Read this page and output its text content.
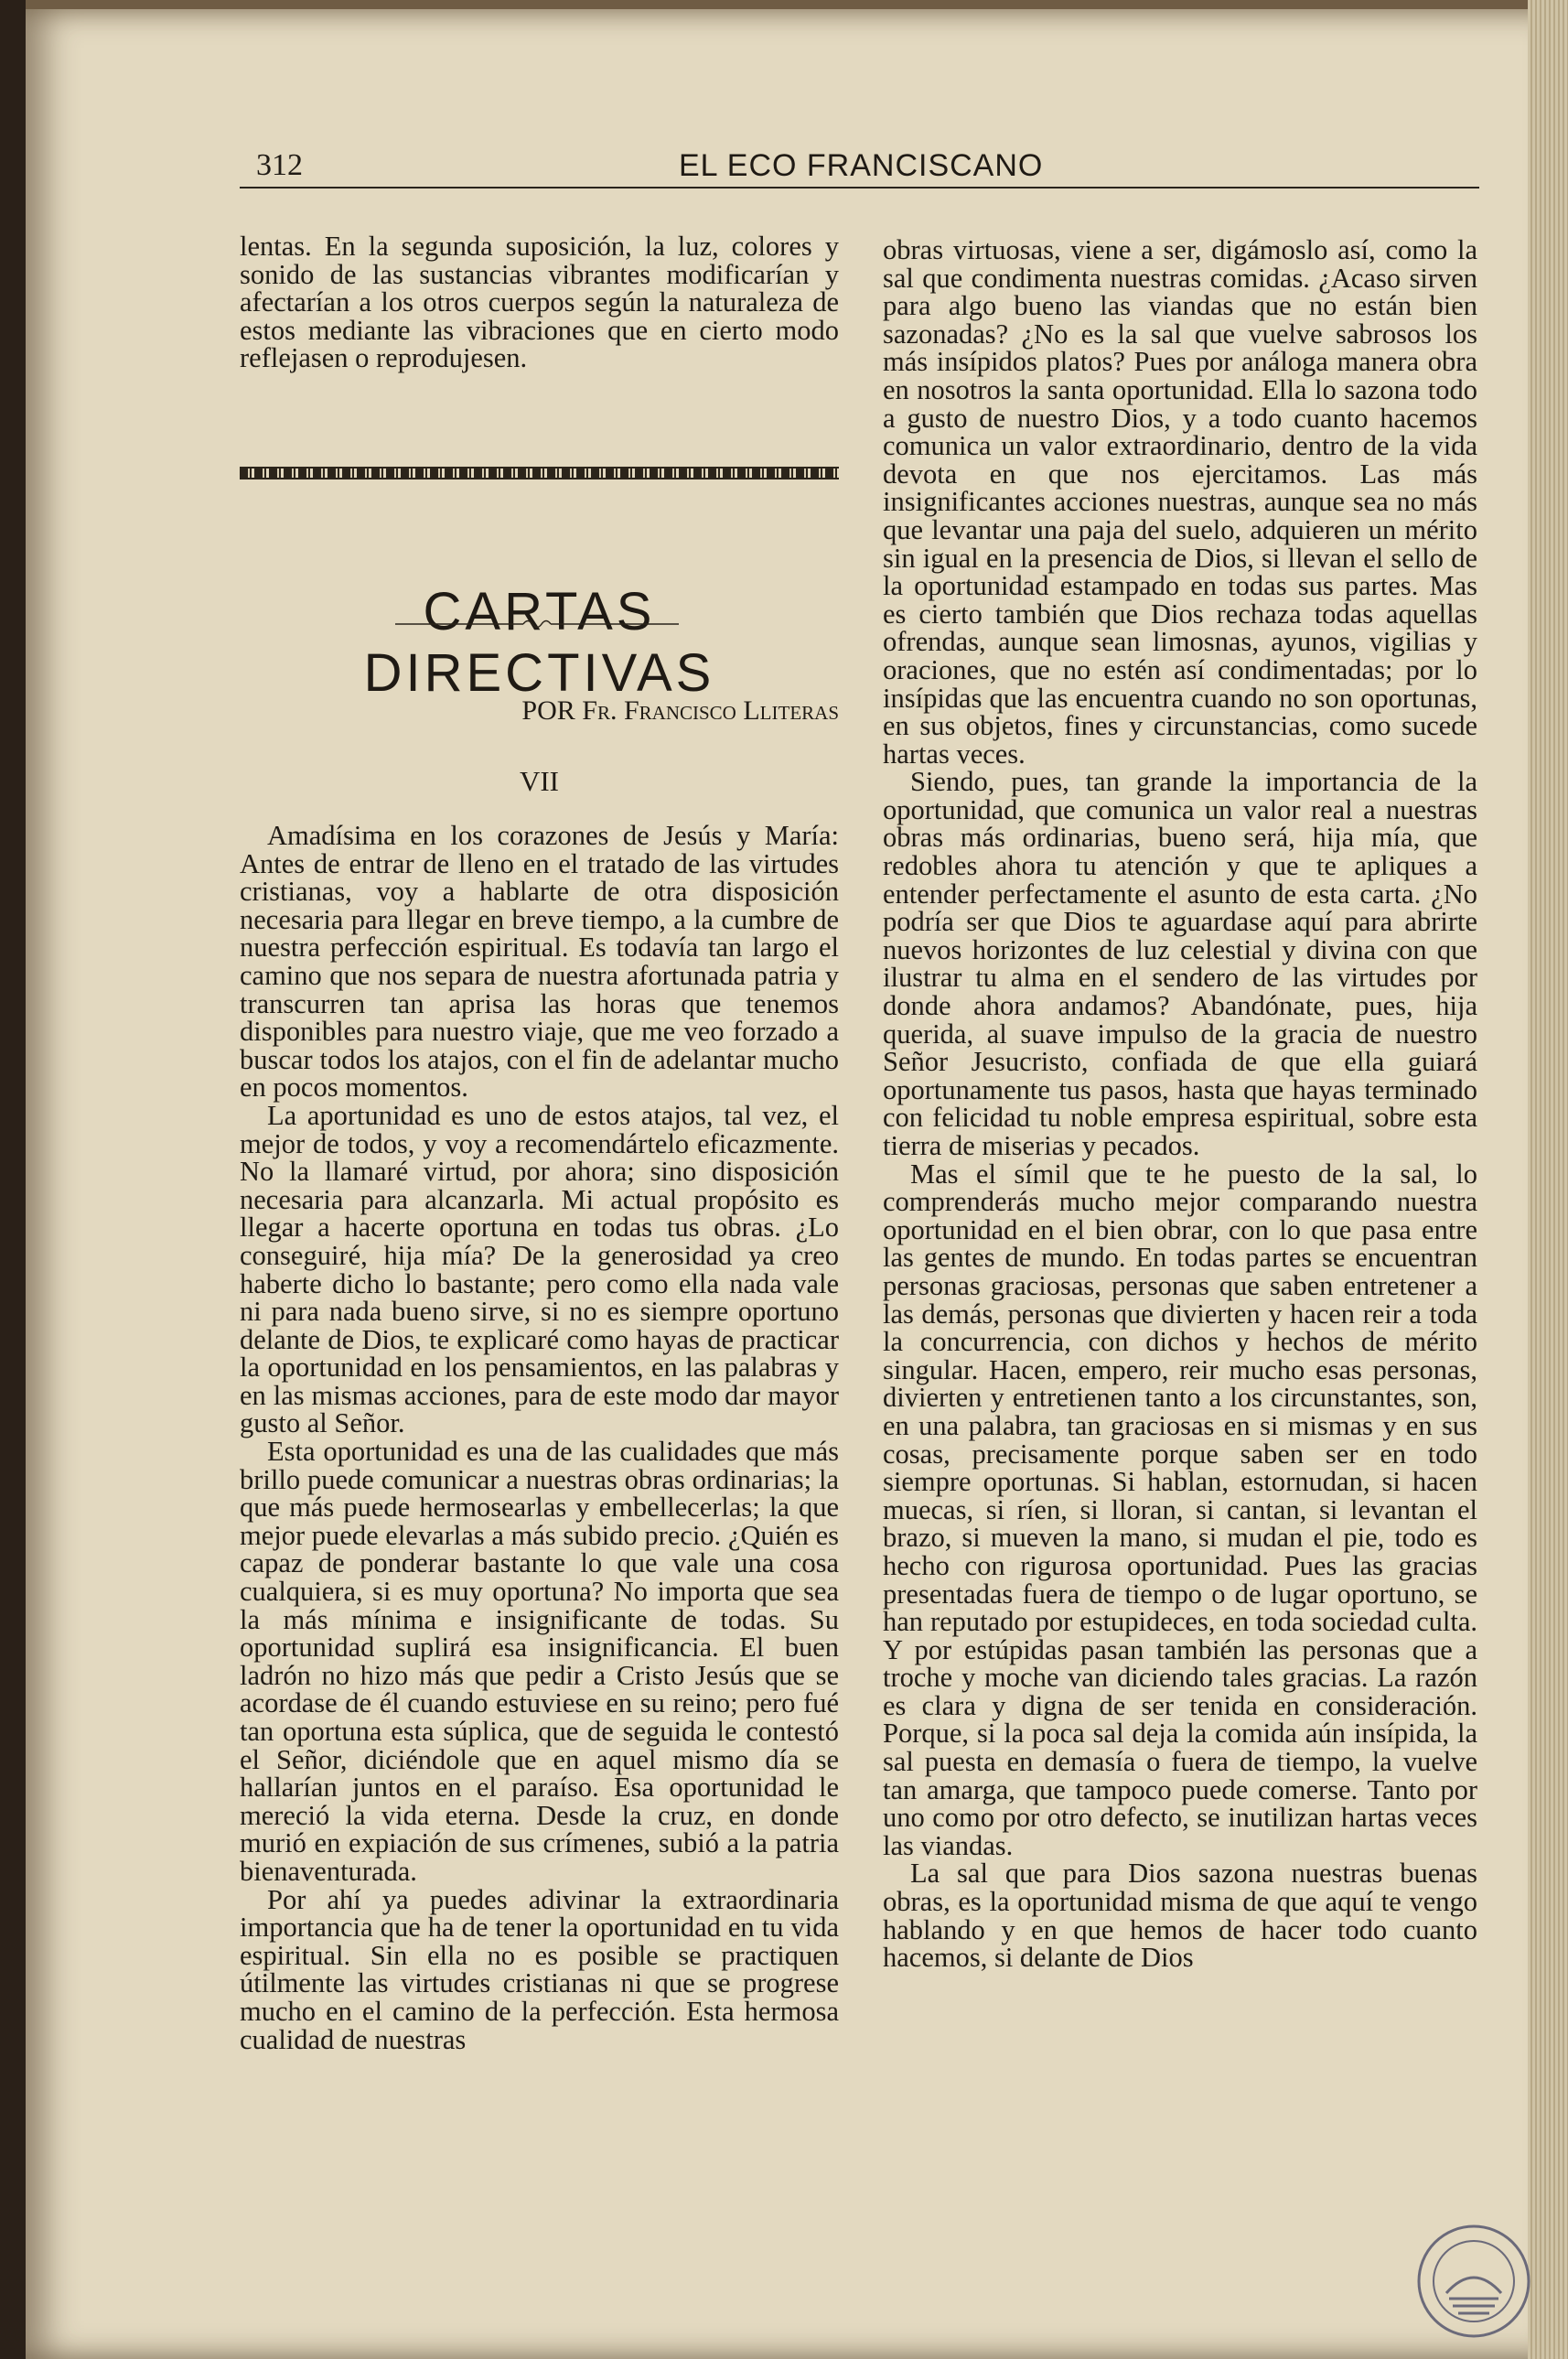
312	EL ECO FRANCISCANO

lentas. En la segunda suposición, la luz, colores y sonido de las sustancias vibrantes modificarían y afectarían a los otros cuerpos según la naturaleza de estos mediante las vibraciones que en cierto modo reflejasen o reprodujesen.

CARTAS DIRECTIVAS
POR Fr. Francisco Lliteras
VII

Amadísima en los corazones de Jesús y María: Antes de entrar de lleno en el tratado de las virtudes cristianas, voy a hablarte de otra disposición necesaria para llegar en breve tiempo, a la cumbre de nuestra perfección espiritual. Es todavía tan largo el camino que nos separa de nuestra afortunada patria y transcurren tan aprisa las horas que tenemos disponibles para nuestro viaje, que me veo forzado a buscar todos los atajos, con el fin de adelantar mucho en pocos momentos.

La aportunidad es uno de estos atajos, tal vez, el mejor de todos, y voy a recomendártelo eficazmente. No la llamaré virtud, por ahora; sino disposición necesaria para alcanzarla. Mi actual propósito es llegar a hacerte oportuna en todas tus obras. ¿Lo conseguiré, hija mía? De la generosidad ya creo haberte dicho lo bastante; pero como ella nada vale ni para nada bueno sirve, si no es siempre oportuno delante de Dios, te explicaré como hayas de practicar la oportunidad en los pensamientos, en las palabras y en las mismas acciones, para de este modo dar mayor gusto al Señor.

Esta oportunidad es una de las cualidades que más brillo puede comunicar a nuestras obras ordinarias; la que más puede hermosearlas y embellecerlas; la que mejor puede elevarlas a más subido precio. ¿Quién es capaz de ponderar bastante lo que vale una cosa cualquiera, si es muy oportuna? No importa que sea la más mínima e insignificante de todas. Su oportunidad suplirá esa insignificancia. El buen ladrón no hizo más que pedir a Cristo Jesús que se acordase de él cuando estuviese en su reino; pero fué tan oportuna esta súplica, que de seguida le contestó el Señor, diciéndole que en aquel mismo día se hallarían juntos en el paraíso. Esa oportunidad le mereció la vida eterna. Desde la cruz, en donde murió en expiación de sus crímenes, subió a la patria bienaventurada.

Por ahí ya puedes adivinar la extraordinaria importancia que ha de tener la oportunidad en tu vida espiritual. Sin ella no es posible se practiquen útilmente las virtudes cristianas ni que se progrese mucho en el camino de la perfección. Esta hermosa cualidad de nuestras

obras virtuosas, viene a ser, digámoslo así, como la sal que condimenta nuestras comidas. ¿Acaso sirven para algo bueno las viandas que no están bien sazonadas? ¿No es la sal que vuelve sabrosos los más insípidos platos? Pues por análoga manera obra en nosotros la santa oportunidad. Ella lo sazona todo a gusto de nuestro Dios, y a todo cuanto hacemos comunica un valor extraordinario, dentro de la vida devota en que nos ejercitamos. Las más insignificantes acciones nuestras, aunque sea no más que levantar una paja del suelo, adquieren un mérito sin igual en la presencia de Dios, si llevan el sello de la oportunidad estampado en todas sus partes. Mas es cierto también que Dios rechaza todas aquellas ofrendas, aunque sean limosnas, ayunos, vigilias y oraciones, que no estén así condimentadas; por lo insípidas que las encuentra cuando no son oportunas, en sus objetos, fines y circunstancias, como sucede hartas veces.

Siendo, pues, tan grande la importancia de la oportunidad, que comunica un valor real a nuestras obras más ordinarias, bueno será, hija mía, que redobles ahora tu atención y que te apliques a entender perfectamente el asunto de esta carta. ¿No podría ser que Dios te aguardase aquí para abrirte nuevos horizontes de luz celestial y divina con que ilustrar tu alma en el sendero de las virtudes por donde ahora andamos? Abandónate, pues, hija querida, al suave impulso de la gracia de nuestro Señor Jesucristo, confiada de que ella guiará oportunamente tus pasos, hasta que hayas terminado con felicidad tu noble empresa espiritual, sobre esta tierra de miserias y pecados.

Mas el símil que te he puesto de la sal, lo comprenderás mucho mejor comparando nuestra oportunidad en el bien obrar, con lo que pasa entre las gentes de mundo. En todas partes se encuentran personas graciosas, personas que saben entretener a las demás, personas que divierten y hacen reir a toda la concurrencia, con dichos y hechos de mérito singular. Hacen, empero, reir mucho esas personas, divierten y entretienen tanto a los circunstantes, son, en una palabra, tan graciosas en si mismas y en sus cosas, precisamente porque saben ser en todo siempre oportunas. Si hablan, estornudan, si hacen muecas, si ríen, si lloran, si cantan, si levantan el brazo, si mueven la mano, si mudan el pie, todo es hecho con rigurosa oportunidad. Pues las gracias presentadas fuera de tiempo o de lugar oportuno, se han reputado por estupideces, en toda sociedad culta. Y por estúpidas pasan también las personas que a troche y moche van diciendo tales gracias. La razón es clara y digna de ser tenida en consideración. Porque, si la poca sal deja la comida aún insípida, la sal puesta en demasía o fuera de tiempo, la vuelve tan amarga, que tampoco puede comerse. Tanto por uno como por otro defecto, se inutilizan hartas veces las viandas.

La sal que para Dios sazona nuestras buenas obras, es la oportunidad misma de que aquí te vengo hablando y en que hemos de hacer todo cuanto hacemos, si delante de Dios
